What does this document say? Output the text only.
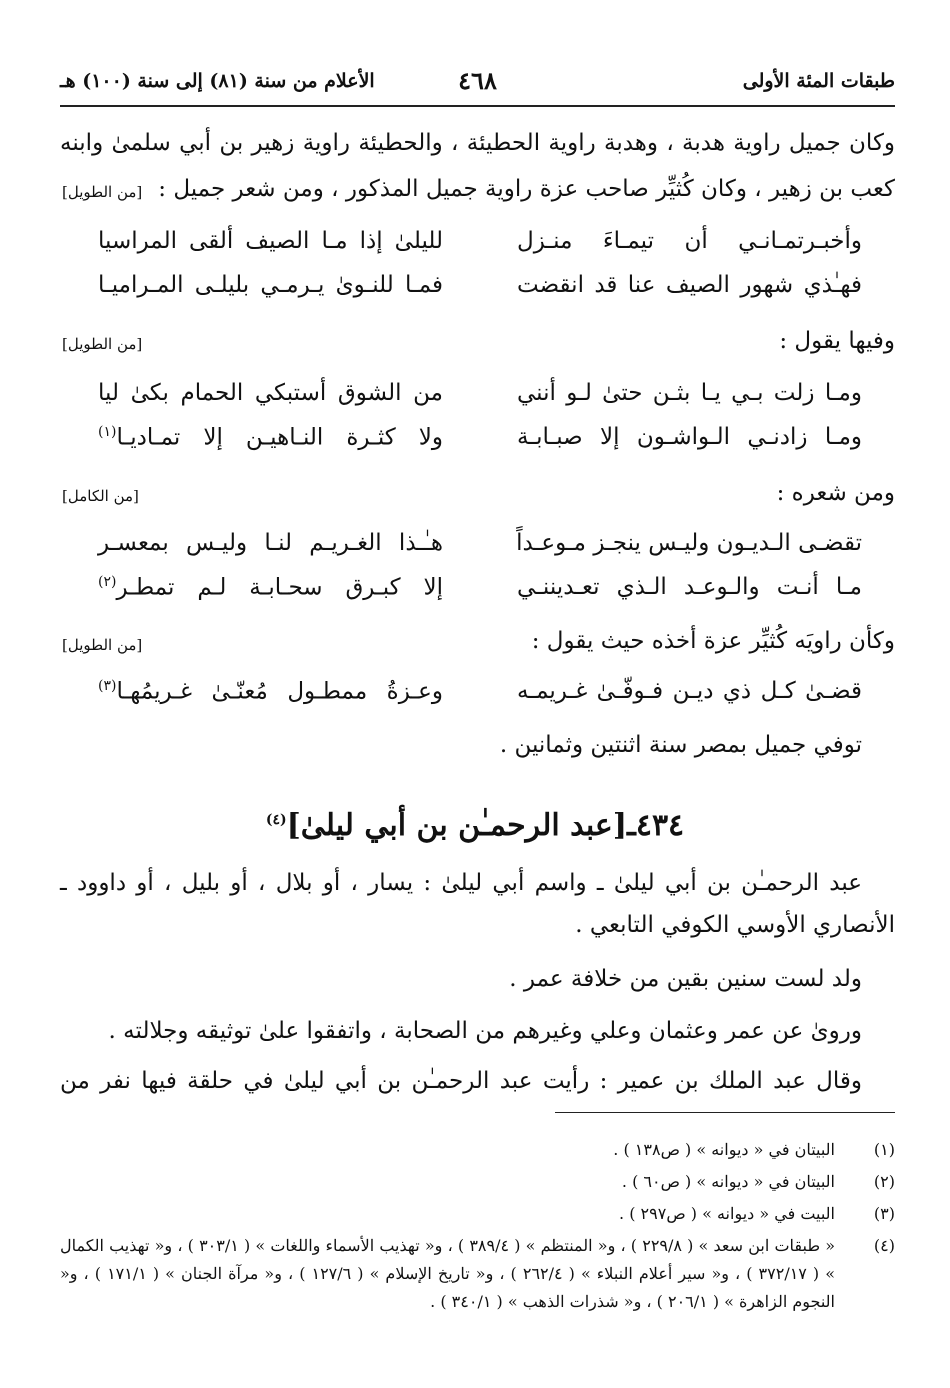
طبقات المئة الأولى
٤٦٨
الأعلام من سنة (٨١) إلى سنة (١٠٠) هـ
وكان جميل راوية هدبة ، وهدبة راوية الحطيئة ، والحطيئة راوية زهير بن أبي سلمىٰ وابنه
كعب بن زهير ، وكان كُثيِّر صاحب عزة راوية جميل المذكور ، ومن شعر جميل :
[من الطويل]
وأخبـرتمـانـي أن تيمـاءَ منـزل
لليلىٰ إذا مـا الصيف ألقى المراسيا
فهـٰذي شهور الصيف عنا قد انقضت
فمـا للنـوىٰ يـرمـي بليلـى المـراميـا
وفيها يقول :
[من الطويل]
ومـا زلت بـي يـا بثـن حتىٰ لـو أنني
من الشوق أستبكي الحمام بكىٰ ليا
ومـا زادنـي الـواشـون إلا صبـابـة
ولا كثـرة النـاهيـن إلا تمـاديـا$^{(١)}$
ومن شعره :
[من الكامل]
تقضـى الـديـون وليـس ينجـز مـوعـداً
هـٰـذا الغـريـم لنـا وليـس بمعسـر
مـا أنـت والـوعـد الـذي تعـديننـي
إلا كبـرق سحـابـة لـم تمطـر$^{(٢)}$
وكأن راويَه كُثيِّر عزة أخذه حيث يقول :
[من الطويل]
قضـىٰ كـل ذي ديـن فـوفّـىٰ غـريمـه
وعـزةُ ممطـول مُعنّـىٰ غـريمُهـا$^{(٣)}$
توفي جميل بمصر سنة اثنتين وثمانين .
٤٣٤ـ[عبد الرحمـٰن بن أبي ليلىٰ]$^{(٤)}$
عبد الرحمـٰن بن أبي ليلىٰ ـ واسم أبي ليلىٰ : يسار ، أو بلال ، أو بليل ، أو داوود ـ
الأنصاري الأوسي الكوفي التابعي .
ولد لست سنين بقين من خلافة عمر .
وروىٰ عن عمر وعثمان وعلي وغيرهم من الصحابة ، واتفقوا علىٰ توثيقه وجلالته .
وقال عبد الملك بن عمير : رأيت عبد الرحمـٰن بن أبي ليلىٰ في حلقة فيها نفر من
(١)
البيتان في « ديوانه » ( ص١٣٨ ) .
(٢)
البيتان في « ديوانه » ( ص٦٠ ) .
(٣)
البيت في « ديوانه » ( ص٢٩٧ ) .
(٤)
« طبقات ابن سعد » ( ٢٢٩/٨ ) ، و« المنتظم » ( ٣٨٩/٤ ) ، و« تهذيب الأسماء واللغات » ( ٣٠٣/١ ) ، و« تهذيب الكمال » ( ٣٧٢/١٧ ) ، و« سير أعلام النبلاء » ( ٢٦٢/٤ ) ، و« تاريخ الإسلام » ( ١٢٧/٦ ) ، و« مرآة الجنان » ( ١٧١/١ ) ، و« النجوم الزاهرة » ( ٢٠٦/١ ) ، و« شذرات الذهب » ( ٣٤٠/١ ) .
